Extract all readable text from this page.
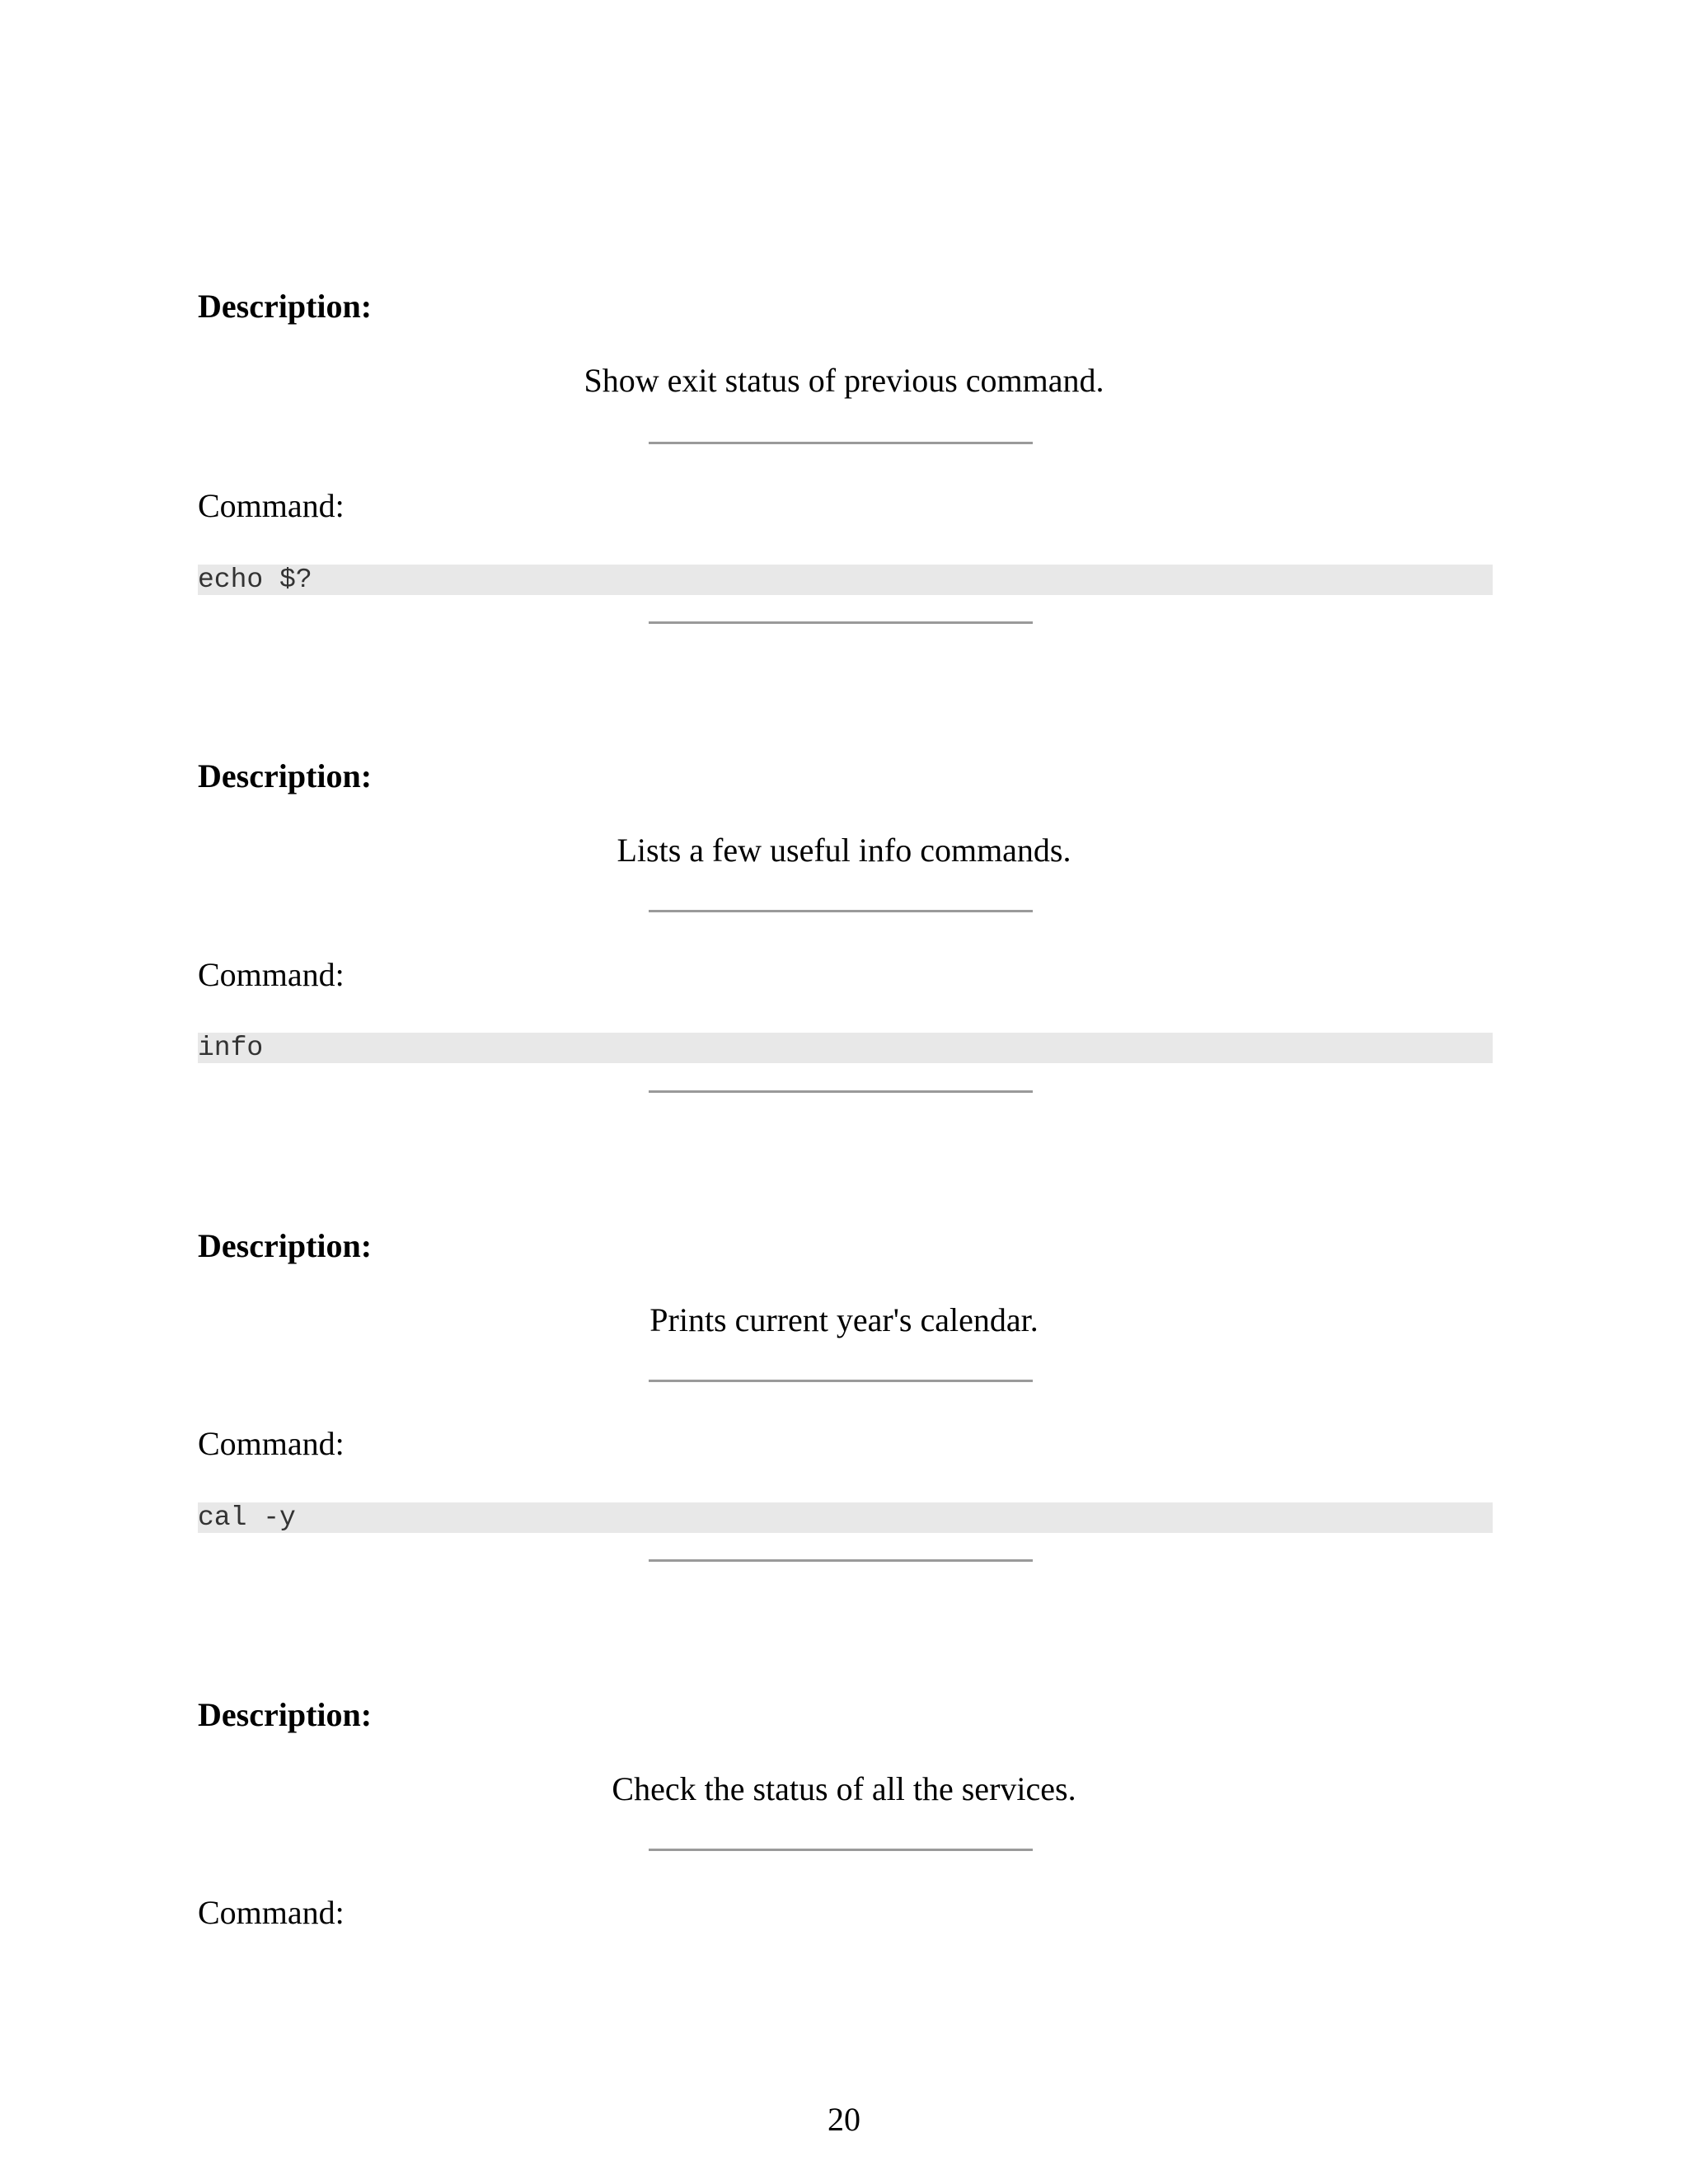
Description:
Show exit status of previous command.
Command:
echo $?
Description:
Lists a few useful info commands.
Command:
info
Description:
Prints current year's calendar.
Command:
cal -y
Description:
Check the status of all the services.
Command:
20
